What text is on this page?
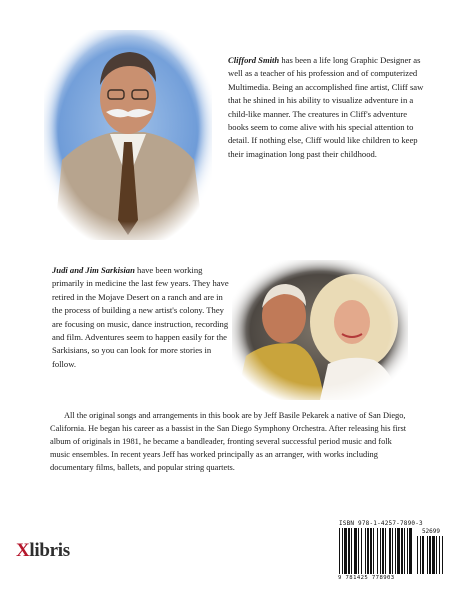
Clifford Smith has been a life long Graphic Designer as well as a teacher of his profession and of computerized Multimedia. Being an accomplished fine artist, Cliff saw that he shined in his ability to visualize adventure in a child-like manner. The creatures in Cliff's adventure books seem to come alive with his special attention to detail. If nothing else, Cliff would like children to keep their imagination long past their childhood.
Judi and Jim Sarkisian have been working primarily in medicine the last few years. They have retired in the Mojave Desert on a ranch and are in the process of building a new artist's colony. They are focusing on music, dance instruction, recording and film. Adventures seem to happen easily for the Sarkisians, so you can look for more stories in follow.
All the original songs and arrangements in this book are by Jeff Basile Pekarek a native of San Diego, California. He began his career as a bassist in the San Diego Symphony Orchestra. After releasing his first album of originals in 1981, he became a bandleader, fronting several successful period music and folk music ensembles. In recent years Jeff has worked principally as an arranger, with works including documentary films, ballets, and popular string quartets.
Xlibris
ISBN 978-1-4257-7890-3
52699
9 781425 778903
